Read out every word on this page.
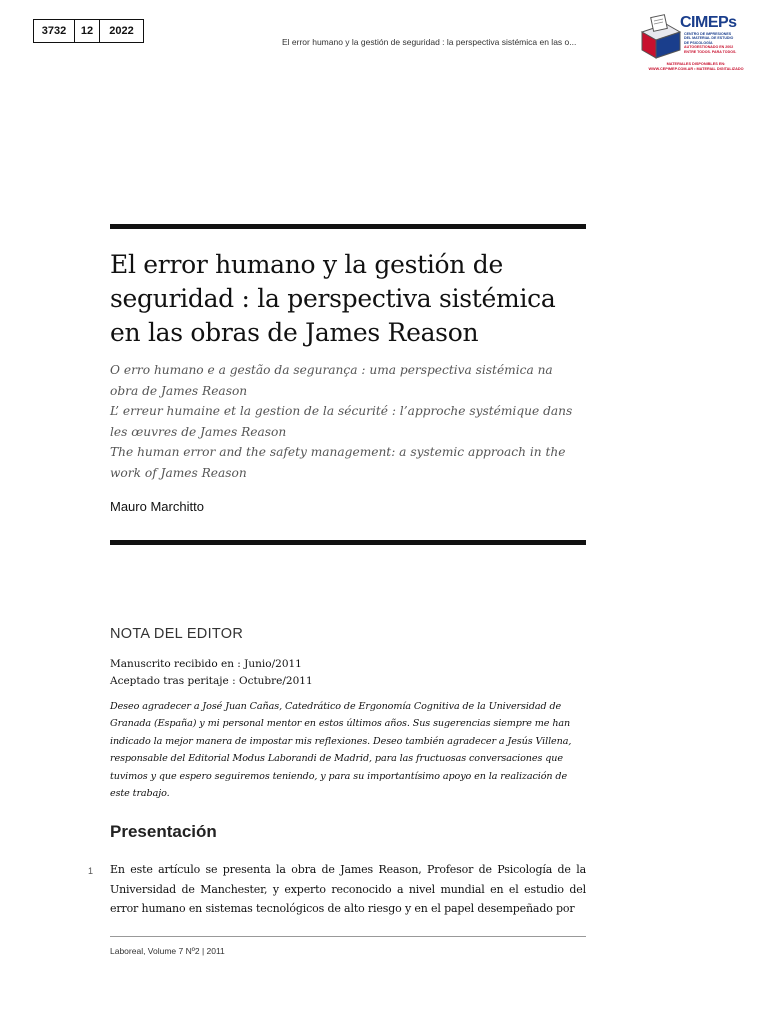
3732	12	2022
El error humano y la gestión de seguridad : la perspectiva sistémica en las o...
CIMEPs
CENTRO DE IMPRESIONES
DEL MATERIAL DE ESTUDIO
DE PSICOLOGÍA
AUTOGESTIONADO EN 2002
ENTRE TODOS. PARA TODOS.
MATERIALES DISPONIBLES EN:
WWW.CEPIMEP.COM.AR • MATERIAL DIGITALIZADO
El error humano y la gestión de seguridad : la perspectiva sistémica en las obras de James Reason
O erro humano e a gestão da segurança : uma perspectiva sistémica na obra de James Reason
L’ erreur humaine et la gestion de la sécurité : l’approche systémique dans les œuvres de James Reason
The human error and the safety management: a systemic approach in the work of James Reason
Mauro Marchitto
NOTA DEL EDITOR
Manuscrito recibido en : Junio/2011
Aceptado tras peritaje : Octubre/2011
Deseo agradecer a José Juan Cañas, Catedrático de Ergonomía Cognitiva de la Universidad de Granada (España) y mi personal mentor en estos últimos años. Sus sugerencias siempre me han indicado la mejor manera de impostar mis reflexiones. Deseo también agradecer a Jesús Villena, responsable del Editorial Modus Laborandi de Madrid, para las fructuosas conversaciones que tuvimos y que espero seguiremos teniendo, y para su importantísimo apoyo en la realización de este trabajo.
Presentación
1 En este artículo se presenta la obra de James Reason, Profesor de Psicología de la Universidad de Manchester, y experto reconocido a nivel mundial en el estudio del error humano en sistemas tecnológicos de alto riesgo y en el papel desempeñado por
Laboreal, Volume 7 Nº2 | 2011
